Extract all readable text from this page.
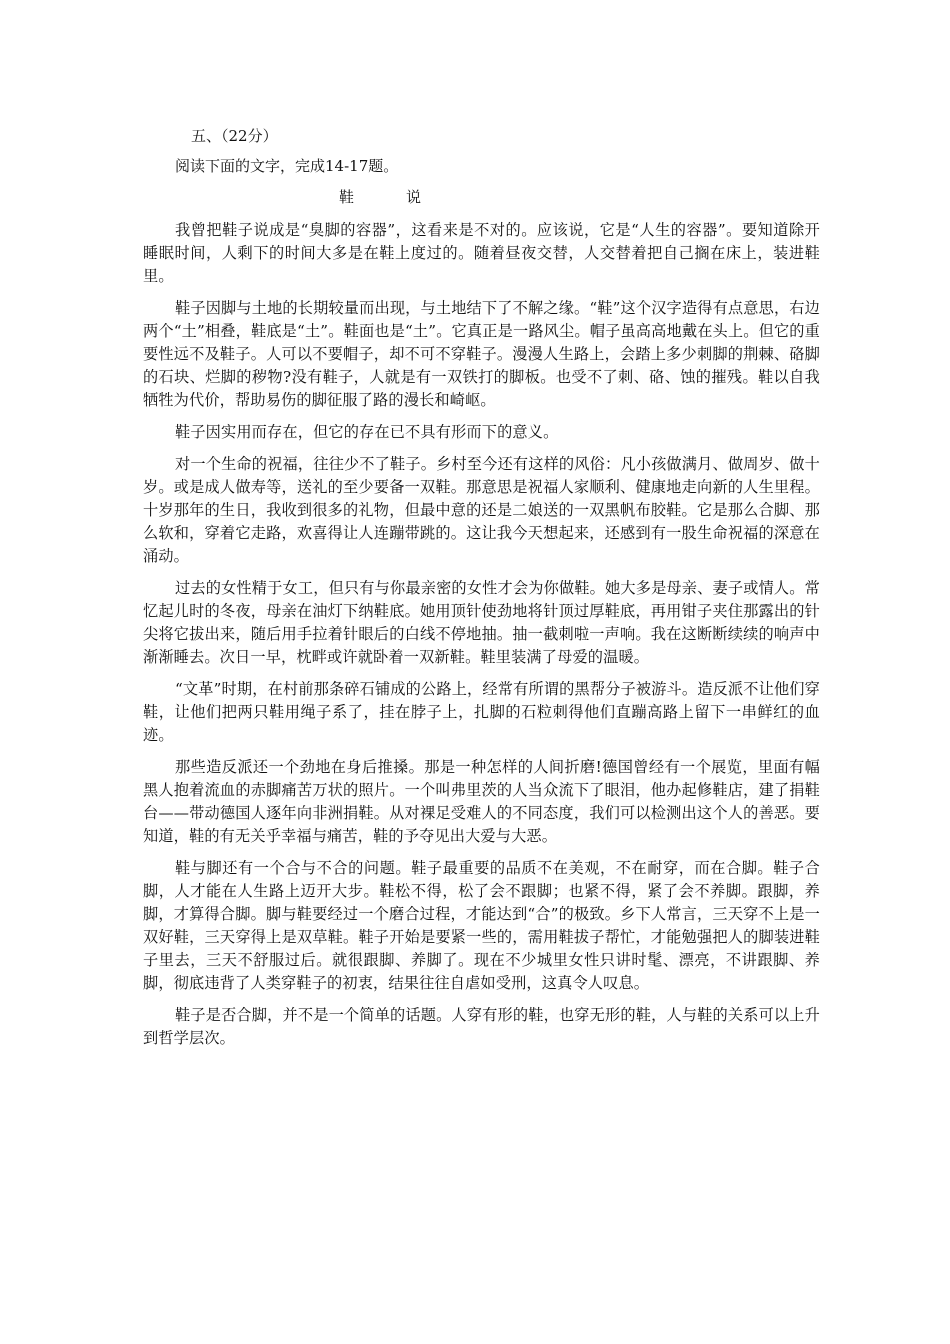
五、（22分）
阅读下面的文字，完成14-17题。
鞋	说

我曾把鞋子说成是“臭脚的容器”，这看来是不对的。应该说，它是“人生的容器”。要知道除开睡眠时间，人剩下的时间大多是在鞋上度过的。随着昼夜交替，人交替着把自己搁在床上，装进鞋里。

鞋子因脚与土地的长期较量而出现，与土地结下了不解之缘。“鞋”这个汉字造得有点意思，右边两个“土”相叠，鞋底是“土”。鞋面也是“土”。它真正是一路风尘。帽子虽高高地戴在头上。但它的重要性远不及鞋子。人可以不要帽子，却不可不穿鞋子。漫漫人生路上，会踏上多少刺脚的荆棘、硌脚的石块、烂脚的秽物?没有鞋子，人就是有一双铁打的脚板。也受不了刺、硌、蚀的摧残。鞋以自我牺牲为代价，帮助易伤的脚征服了路的漫长和崎岖。

鞋子因实用而存在，但它的存在已不具有形而下的意义。

对一个生命的祝福，往往少不了鞋子。乡村至今还有这样的风俗：凡小孩做满月、做周岁、做十岁。或是成人做寿等，送礼的至少要备一双鞋。那意思是祝福人家顺利、健康地走向新的人生里程。十岁那年的生日，我收到很多的礼物，但最中意的还是二娘送的一双黑帆布胶鞋。它是那么合脚、那么软和，穿着它走路，欢喜得让人连蹦带跳的。这让我今天想起来，还感到有一股生命祝福的深意在涌动。

过去的女性精于女工，但只有与你最亲密的女性才会为你做鞋。她大多是母亲、妻子或情人。常忆起儿时的冬夜，母亲在油灯下纳鞋底。她用顶针使劲地将针顶过厚鞋底，再用钳子夹住那露出的针尖将它拔出来，随后用手拉着针眼后的白线不停地抽。抽一截刺啦一声响。我在这断断续续的响声中渐渐睡去。次日一早，枕畔或许就卧着一双新鞋。鞋里装满了母爱的温暖。

“文革”时期，在村前那条碎石铺成的公路上，经常有所谓的黑帮分子被游斗。造反派不让他们穿鞋，让他们把两只鞋用绳子系了，挂在脖子上，扎脚的石粒刺得他们直蹦高路上留下一串鲜红的血迹。

那些造反派还一个劲地在身后推搡。那是一种怎样的人间折磨!德国曾经有一个展览，里面有幅黑人抱着流血的赤脚痛苦万状的照片。一个叫弗里茨的人当众流下了眼泪，他办起修鞋店，建了捐鞋台——带动德国人逐年向非洲捐鞋。从对裸足受难人的不同态度，我们可以检测出这个人的善恶。要知道，鞋的有无关乎幸福与痛苦，鞋的予夺见出大爱与大恶。

鞋与脚还有一个合与不合的问题。鞋子最重要的品质不在美观，不在耐穿，而在合脚。鞋子合脚，人才能在人生路上迈开大步。鞋松不得，松了会不跟脚；也紧不得，紧了会不养脚。跟脚，养脚，才算得合脚。脚与鞋要经过一个磨合过程，才能达到“合”的极致。乡下人常言，三天穿不上是一双好鞋，三天穿得上是双草鞋。鞋子开始是要紧一些的，需用鞋拔子帮忙，才能勉强把人的脚装进鞋子里去，三天不舒服过后。就很跟脚、养脚了。现在不少城里女性只讲时髦、漂亮，不讲跟脚、养脚，彻底违背了人类穿鞋子的初衷，结果往往自虐如受刑，这真令人叹息。

鞋子是否合脚，并不是一个简单的话题。人穿有形的鞋，也穿无形的鞋，人与鞋的关系可以上升到哲学层次。
